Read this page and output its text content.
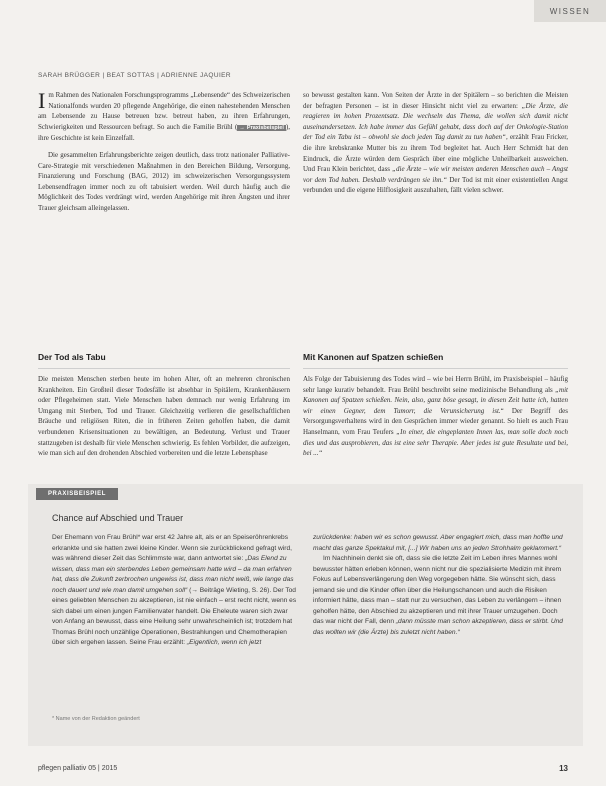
WISSEN
SARAH BRÜGGER | BEAT SOTTAS | ADRIENNE JAQUIER

Im Rahmen des Nationalen Forschungsprogramms „Lebensende“ des Schweizerischen Nationalfonds wurden 20 pflegende Angehörige, die einen nahestehenden Menschen am Lebensende zu Hause betreuen bzw. betreut haben, zu ihren Erfahrungen, Schwierigkeiten und Ressourcen befragt. So auch die Familie Brühl ( → Praxisbeispiel ), ihre Geschichte ist kein Einzelfall.

Die gesammelten Erfahrungsberichte zeigen deutlich, dass trotz nationaler Palliative-Care-Strategie mit verschiedenen Maßnahmen in den Bereichen Bildung, Versorgung, Finanzierung und Forschung (BAG, 2012) im schweizerischen Versorgungssystem Lebensendfragen immer noch zu oft tabuisiert werden. Weil durch häufig auch die Möglichkeit des Todes verdrängt wird, werden Angehörige mit ihren Ängsten und ihrer Trauer gleichsam alleingelassen.

so bewusst gestalten kann. Von Seiten der Ärzte in der Spitälern – so berichten die Meisten der befragten Personen – ist in dieser Hinsicht nicht viel zu erwarten: „Die Ärzte, die reagieren im hohen Prozentsatz. Die wechseln das Thema, die wollen sich damit nicht auseinandersetzen. Ich habe immer das Gefühl gehabt, dass doch auf der Onkologie-Station der Tod ein Tabu ist – obwohl sie doch jeden Tag damit zu tun haben“, erzählt Frau Fricker, die ihre krebskranke Mutter bis zu ihrem Tod begleitet hat. Auch Herr Schmidt hat den Eindruck, die Ärzte würden dem Gespräch über eine mögliche Unheilbarkeit ausweichen. Und Frau Klein berichtet, dass „die Ärzte – wie wir meisten anderen Menschen auch – Angst vor dem Tod haben. Deshalb verdrängen sie ihn.“ Der Tod ist mit einer existentiellen Angst verbunden und die eigene Hilflosigkeit auszuhalten, fällt vielen schwer.

Der Tod als Tabu	Mit Kanonen auf Spatzen schießen

Die meisten Menschen sterben heute im hohen Alter, oft an mehreren chronischen Krankheiten. Ein Großteil dieser Todesfälle ist absehbar in Spitälern, Krankenhäusern oder Pflegeheimen statt. Viele Menschen haben demnach nur wenig Erfahrung im Umgang mit Sterben, Tod und Trauer. Gleichzeitig verlieren die gesellschaftlichen Bräuche und religiösen Riten, die in früheren Zeiten geholfen haben, die damit verbundenen Krisensituationen zu bewältigen, an Bedeutung. Verlust und Trauer stattzugeben ist deshalb für viele Menschen schwierig. Es fehlen Vorbilder, die aufzeigen, wie man sich auf den drohenden Abschied vorbereiten und die letzte Lebensphase

Als Folge der Tabuisierung des Todes wird – wie bei Herrn Brühl, im Praxisbeispiel – häufig sehr lange kurativ behandelt. Frau Brühl beschreibt seine medizinische Behandlung als „mit Kanonen auf Spatzen schießen. Nein, also, ganz böse gesagt, in diesen Zeit hatte ich, hatten wir einen Gegner, dem Tumorr, die Verunsicherung ist.“ Der Begriff des Versorgungsverhaltens wird in den Gesprächen immer wieder genannt. So hielt es auch Frau Hanselmann, vom Frau Teufers „In einer, die eingeplanten Innen las, man solle doch noch dies und das ausprobieren, das ist eine sehr Therapie. Aber jedes ist gute Resultate und bei, bei ...“

PRAXISBEISPIEL
Chance auf Abschied und Trauer

Der Ehemann von Frau Brühl* war erst 42 Jahre alt, als er an Speiseröhrenkrebs erkrankte und sie hatten zwei kleine Kinder. Wenn sie zurückblickend gefragt wird, was während dieser Zeit das Schlimmste war, dann antwortet sie: „Das Elend zu wissen, dass man ein sterbendes Leben gemeinsam hatte wird – da man erfahren hat, dass die Zukunft zerbrochen ungewiss ist, dass man nicht weiß, wie lange das noch dauert und wie man damit umgehen soll“ (→ Beiträge Wieting, S. 26). Der Tod eines geliebten Menschen zu akzeptieren, ist nie einfach – erst recht nicht, wenn es sich dabei um einen jungen Familienvater handelt. Die Eheleute waren sich zwar von Anfang an bewusst, dass eine Heilung sehr unwahrscheinlich ist; trotzdem hat Thomas Brühl noch unzählige Operationen, Bestrahlungen und Chemotherapien über sich ergehen lassen. Seine Frau erzählt: „Eigentlich, wenn ich jetzt

zurückdenke: haben wir es schon gewusst. Aber engagiert mich, dass man hoffte und macht das ganze Spektakul mit, [...] Wir haben uns an jeden Strohhalm geklammert.“

Im Nachhinein denkt sie oft, dass sie die letzte Zeit im Leben ihres Mannes wohl bewusster hätten erleben können, wenn nicht nur die spezialisierte Medizin mit ihrem Fokus auf Lebensverlängerung den Weg vorgegeben hätte. Sie wünscht sich, dass jemand sie und die Kinder offen über die Heilungschancen und auch die Risiken informiert hätte, dass man – statt nur zu versuchen, das Leben zu verlängern – ihnen geholfen hätte, den Abschied zu akzeptieren und mit ihrer Trauer umzugehen. Doch das war nicht der Fall, denn „dann müsste man schon akzeptieren, dass er stirbt. Und das wollten wir (die Ärzte) bis zuletzt nicht haben.“

* Name von der Redaktion geändert
pflegen palliativ 05 | 2015	13
